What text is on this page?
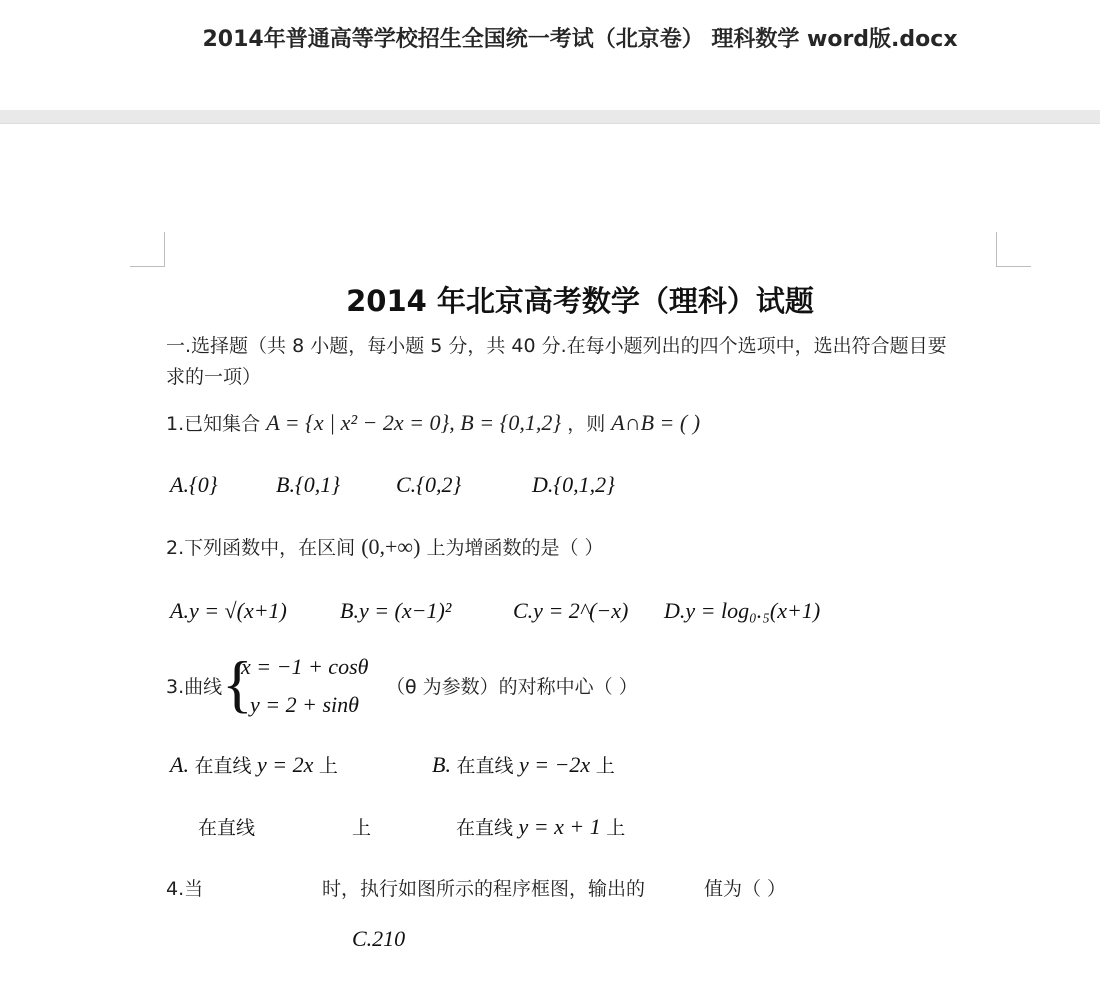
2014年普通高等学校招生全国统一考试（北京卷） 理科数学 word版.docx
2014 年北京高考数学（理科）试题
一.选择题（共 8 小题，每小题 5 分，共 40 分.在每小题列出的四个选项中，选出符合题目要
求的一项）
1.已知集合 A = {x | x² − 2x = 0}, B = {0,1,2} ，则 A∩B = ( )
A.{0}	B.{0,1}	C.{0,2}	D.{0,1,2}
2.下列函数中，在区间 (0,+∞) 上为增函数的是（ ）
A.y = √(x+1) B.y = (x−1)²	C.y = 2^(−x) D.y = log₀.₅(x+1)
3.曲线 {
x = −1 + cosθ
y = 2 + sinθ
（θ 为参数）的对称中心（ ）
A. 在直线 y = 2x 上	B. 在直线 y = −2x 上
在直线	上	在直线 y = x + 1 上
4.当	时，执行如图所示的程序框图，输出的	值为（ ）
C.210
